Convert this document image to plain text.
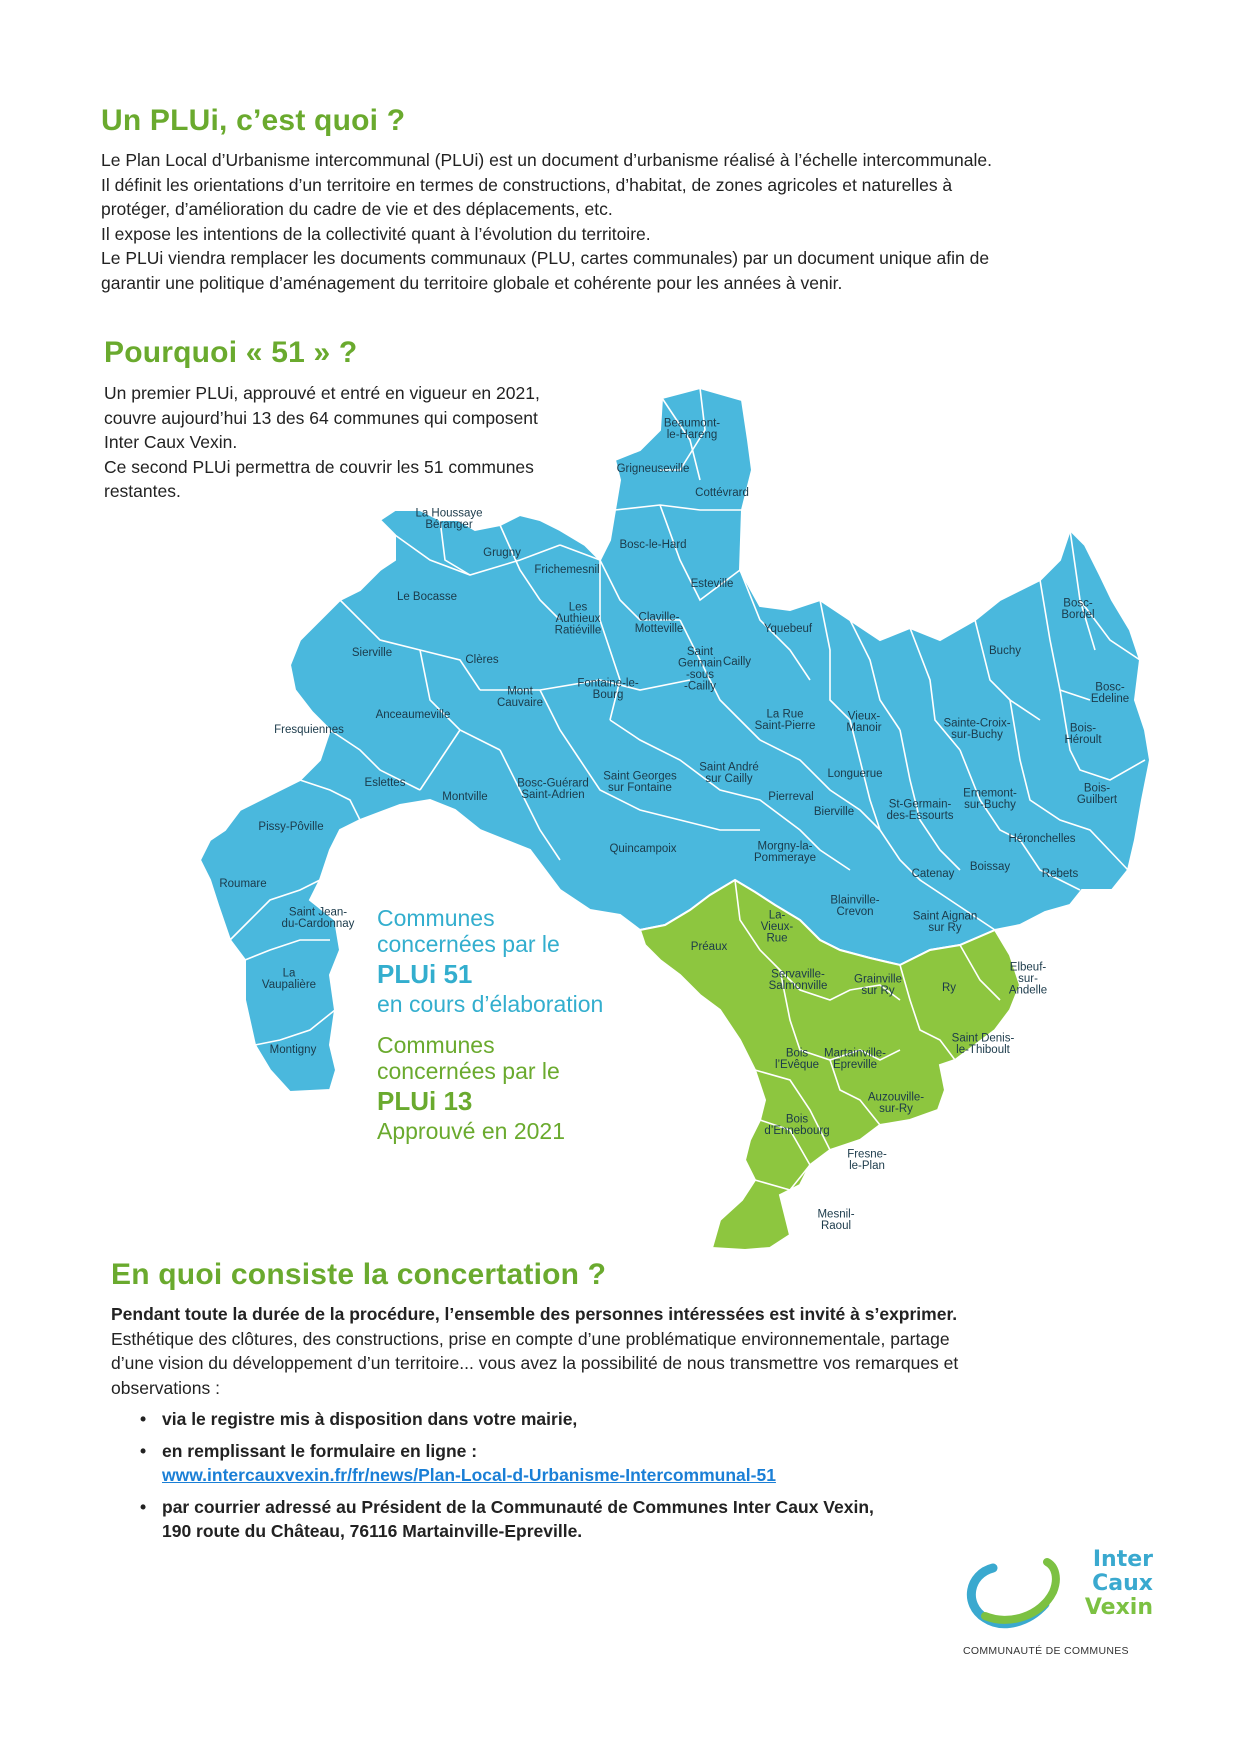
Un PLUi, c’est quoi ?

Le Plan Local d’Urbanisme intercommunal (PLUi) est un document d’urbanisme réalisé à l’échelle intercommunale.
Il définit les orientations d’un territoire en termes de constructions, d’habitat, de zones agricoles et naturelles à
protéger, d’amélioration du cadre de vie et des déplacements, etc.
Il expose les intentions de la collectivité quant à l’évolution du territoire.
Le PLUi viendra remplacer les documents communaux (PLU, cartes communales) par un document unique afin de
garantir une politique d’aménagement du territoire globale et cohérente pour les années à venir.

Pourquoi « 51 » ?

Un premier PLUi, approuvé et entré en vigueur en 2021,
couvre aujourd’hui 13 des 64 communes qui composent
Inter Caux Vexin.
Ce second PLUi permettra de couvrir les 51 communes
restantes.

Beaumont-le-Hareng
Grigneuseville
Cottévrard
La Houssaye Béranger
Grugny
Frichemesnil
Bosc-le-Hard
Esteville
Le Bocasse
Les Authieux Ratiéville
Claville-Motteville	Yquebeuf
Bosc-Bordel
Sierville
Clères	Cailly
Buchy
Saint Germain -sous -Cailly
Mont Cauvaire
Fontaine-le-Bourg
Bosc-Edeline
Anceaumeville
Fresquiennes
La Rue Saint-Pierre
Vieux-Manoir	Sainte-Croix-sur-Buchy
Bois-Héroult
Longuerue
Eslettes
Montville
Bosc-Guérard Saint-Adrien
Saint Georges sur Fontaine
Saint André sur Cailly
Pierreval
Bierville
St-Germain-des-Essourts
Ernemont-sur-Buchy
Bois-Guilbert
Héronchelles
Pissy-Pôville
Quincampoix	Morgny-la-Pommeraye
Catenay
Boissay
Rebets
Roumare
Saint Jean-du-Cardonnay
Blainville-Crevon	Saint Aignan sur Ry
La Vaupalière
Montigny
Préaux
La-Vieux-Rue
Servaville-Salmonville
Grainville sur Ry	Ry
Elbeuf-sur-Andelle
Saint Denis-le-Thiboult
Bois l’Evêque
Martainville-Epreville
Auzouville-sur-Ry
Bois d’Ennebourg
Fresne-le-Plan
Mesnil-Raoul
Communes
concernées par le
PLUi 51
en cours d’élaboration
Communes
concernées par le
PLUi 13
Approuvé en 2021
En quoi consiste la concertation ?
Pendant toute la durée de la procédure, l’ensemble des personnes intéressées est invité à s’exprimer.
Esthétique des clôtures, des constructions, prise en compte d’une problématique environnementale, partage
d’une vision du développement d’un territoire... vous avez la possibilité de nous transmettre vos remarques et
observations :
• via le registre mis à disposition dans votre mairie,
• en remplissant le formulaire en ligne :
www.intercauxvexin.fr/fr/news/Plan-Local-d-Urbanisme-Intercommunal-51
• par courrier adressé au Président de la Communauté de Communes Inter Caux Vexin,
190 route du Château, 76116 Martainville-Epreville.
Inter
Caux
Vexin
COMMUNAUTÉ DE COMMUNES
